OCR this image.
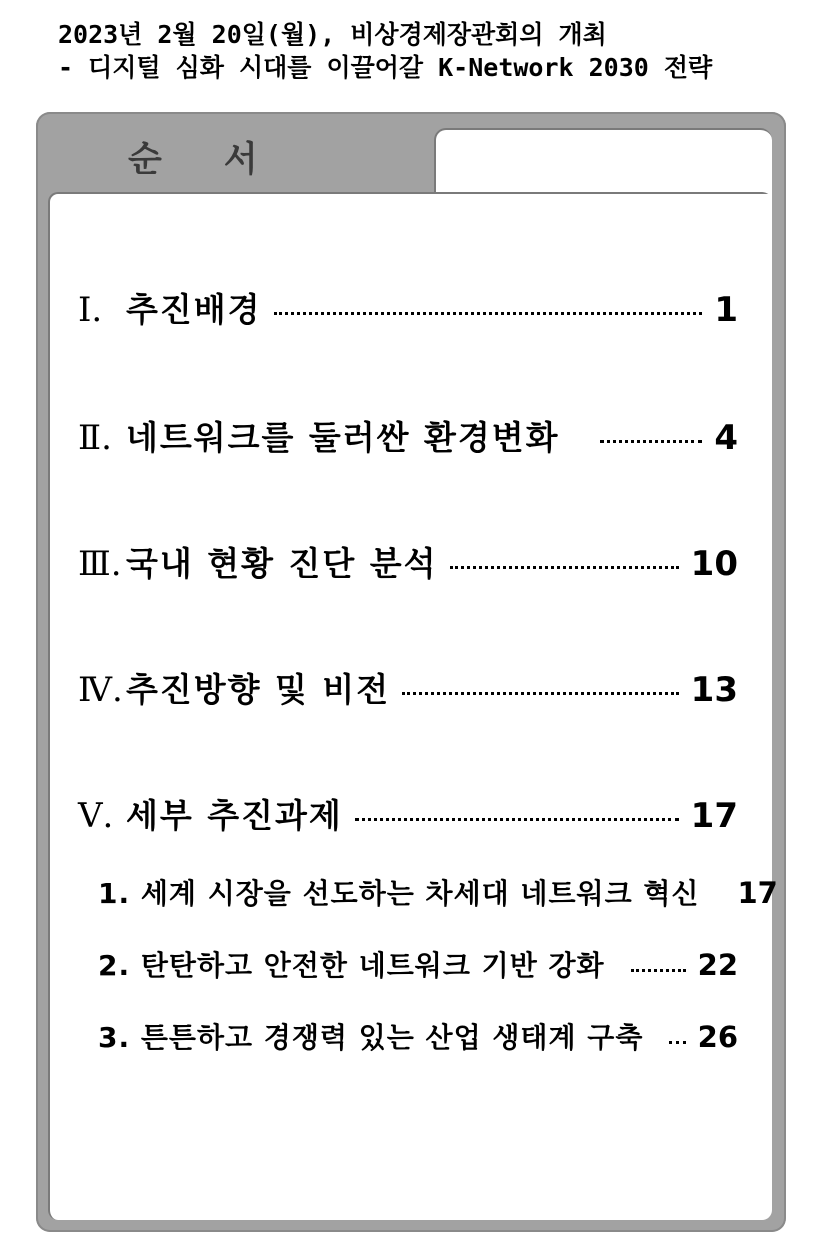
2023년 2월 20일(월), 비상경제장관회의 개최
- 디지털 심화 시대를 이끌어갈 K-Network 2030 전략
순서
Ⅰ. 추진배경	1
Ⅱ. 네트워크를 둘러싼 환경변화	4
Ⅲ. 국내 현황 진단 분석	10
Ⅳ. 추진방향 및 비전	13
Ⅴ. 세부 추진과제	17
1. 세계 시장을 선도하는 차세대 네트워크 혁신 17
2. 탄탄하고 안전한 네트워크 기반 강화	22
3. 튼튼하고 경쟁력 있는 산업 생태계 구축 26
